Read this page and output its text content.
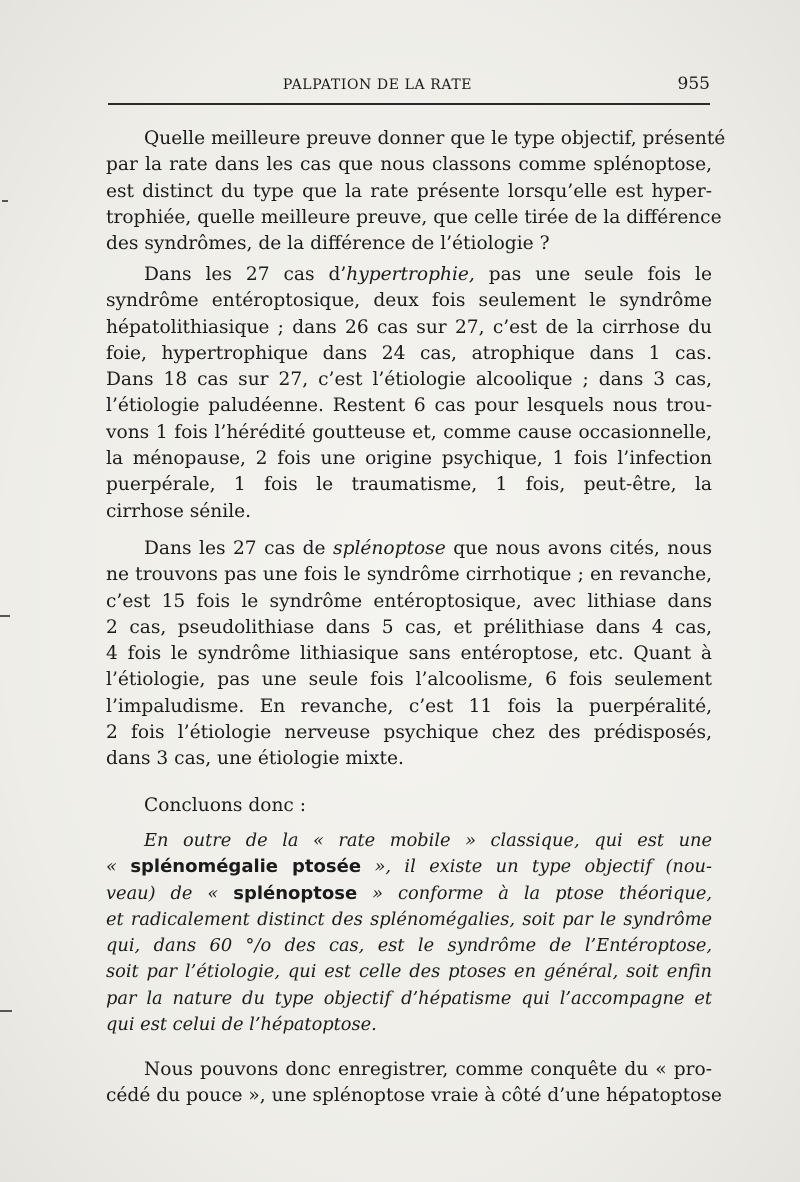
PALPATION DE LA RATE	955
Quelle meilleure preuve donner que le type objectif, présenté
par la rate dans les cas que nous classons comme splénoptose,
est distinct du type que la rate présente lorsqu’elle est hyper-
trophiée, quelle meilleure preuve, que celle tirée de la différence
des syndrômes, de la différence de l’étiologie ?
Dans les 27 cas d’hypertrophie, pas une seule fois le
syndrôme entéroptosique, deux fois seulement le syndrôme
hépatolithiasique ; dans 26 cas sur 27, c’est de la cirrhose du
foie, hypertrophique dans 24 cas, atrophique dans 1 cas.
Dans 18 cas sur 27, c’est l’étiologie alcoolique ; dans 3 cas,
l’étiologie paludéenne. Restent 6 cas pour lesquels nous trou-
vons 1 fois l’hérédité goutteuse et, comme cause occasionnelle,
la ménopause, 2 fois une origine psychique, 1 fois l’infection
puerpérale, 1 fois le traumatisme, 1 fois, peut-être, la
cirrhose sénile.
Dans les 27 cas de splénoptose que nous avons cités, nous
ne trouvons pas une fois le syndrôme cirrhotique ; en revanche,
c’est 15 fois le syndrôme entéroptosique, avec lithiase dans
2 cas, pseudolithiase dans 5 cas, et prélithiase dans 4 cas,
4 fois le syndrôme lithiasique sans entéroptose, etc. Quant à
l’étiologie, pas une seule fois l’alcoolisme, 6 fois seulement
l’impaludisme. En revanche, c’est 11 fois la puerpéralité,
2 fois l’étiologie nerveuse psychique chez des prédisposés,
dans 3 cas, une étiologie mixte.
Concluons donc :
En outre de la « rate mobile » classique, qui est une
« splénomégalie ptosée », il existe un type objectif (nou-
veau) de « splénoptose » conforme à la ptose théorique,
et radicalement distinct des splénomégalies, soit par le syndrôme
qui, dans 60 °/o des cas, est le syndrôme de l’Entéroptose,
soit par l’étiologie, qui est celle des ptoses en général, soit enfin
par la nature du type objectif d’hépatisme qui l’accompagne et
qui est celui de l’hépatoptose.
Nous pouvons donc enregistrer, comme conquête du « pro-
cédé du pouce », une splénoptose vraie à côté d’une hépatoptose
